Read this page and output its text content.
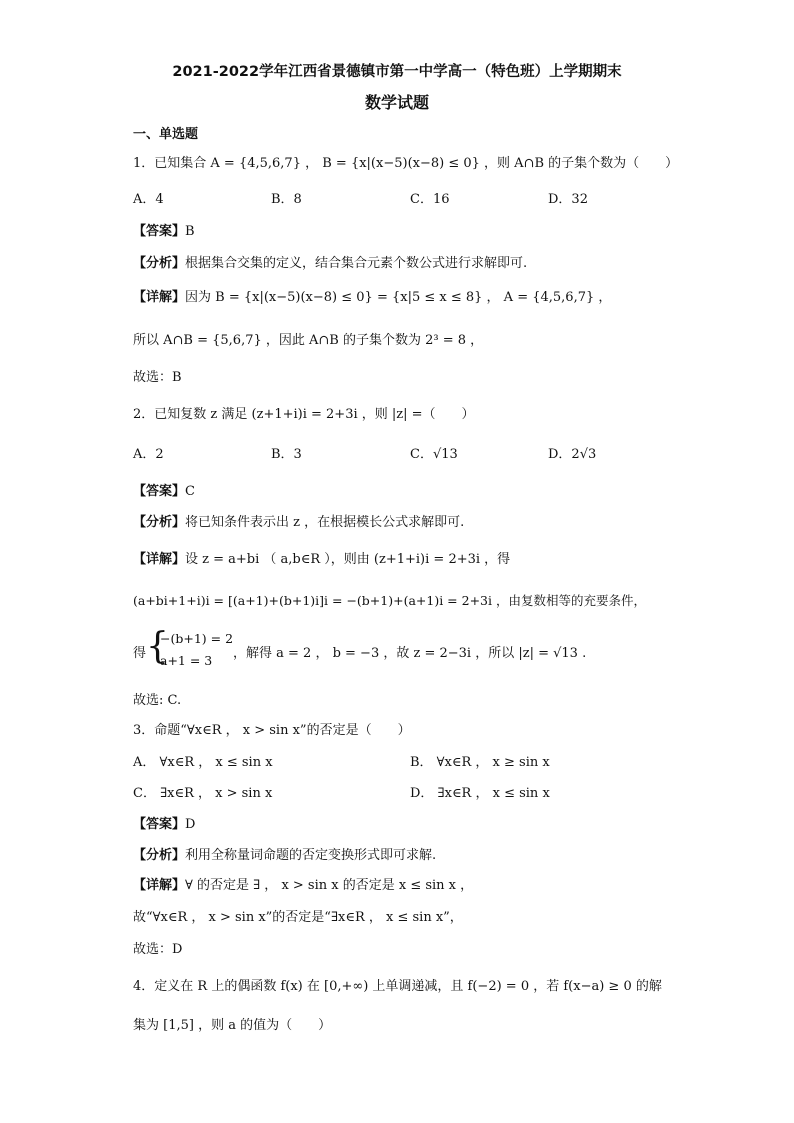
2021-2022学年江西省景德镇市第一中学高一（特色班）上学期期末
数学试题
一、单选题
1．已知集合 A = {4,5,6,7} ， B = {x|(x−5)(x−8) ≤ 0} ，则 A∩B 的子集个数为（　　）
A．4	B．8	C．16	D．32
【答案】B
【分析】根据集合交集的定义，结合集合元素个数公式进行求解即可.
【详解】因为 B = {x|(x−5)(x−8) ≤ 0} = {x|5 ≤ x ≤ 8} ， A = {4,5,6,7} ，
所以 A∩B = {5,6,7} ，因此 A∩B 的子集个数为 2³ = 8 ，
故选：B
2．已知复数 z 满足 (z+1+i)i = 2+3i ，则 |z| =（　　）
A．2	B．3	C．√13	D．2√3
【答案】C
【分析】将已知条件表示出 z ，在根据模长公式求解即可.
【详解】设 z = a+bi （ a,b∈R ），则由 (z+1+i)i = 2+3i ，得
(a+bi+1+i)i = [(a+1)+(b+1)i]i = −(b+1)+(a+1)i = 2+3i ，由复数相等的充要条件，
得 {
−(b+1) = 2
a+1 = 3 ，解得 a = 2 ， b = −3 ，故 z = 2−3i ，所以 |z| = √13 .
故选: C.
3．命题“∀x∈R ， x > sin x”的否定是（　　）
A． ∀x∈R ， x ≤ sin x	B． ∀x∈R ， x ≥ sin x
C． ∃x∈R ， x > sin x	D． ∃x∈R ， x ≤ sin x
【答案】D
【分析】利用全称量词命题的否定变换形式即可求解.
【详解】∀ 的否定是 ∃ ， x > sin x 的否定是 x ≤ sin x ，
故“∀x∈R ， x > sin x”的否定是“∃x∈R ， x ≤ sin x”，
故选：D
4．定义在 R 上的偶函数 f(x) 在 [0,+∞) 上单调递减，且 f(−2) = 0 ，若 f(x−a) ≥ 0 的解
集为 [1,5] ，则 a 的值为（　　）
